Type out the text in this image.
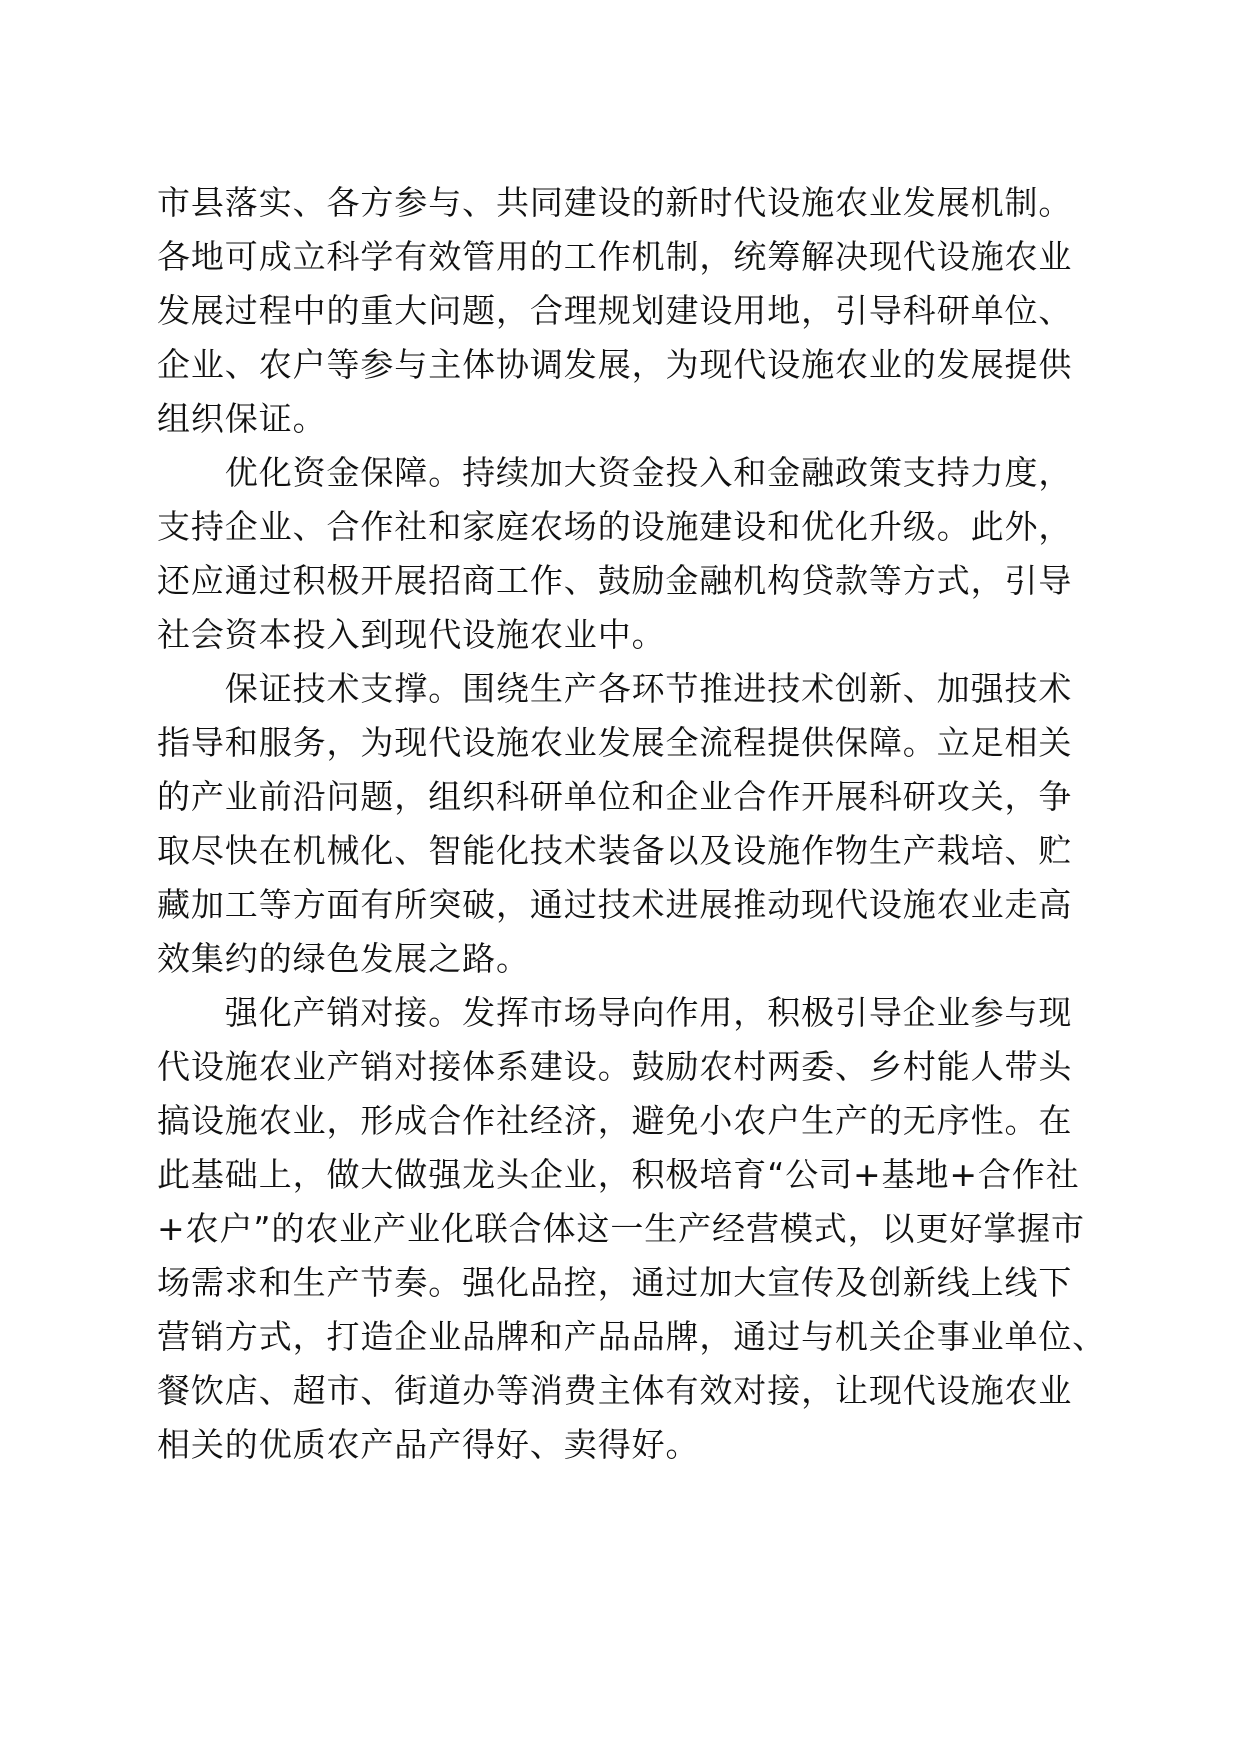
市县落实、各方参与、共同建设的新时代设施农业发展机制。
各地可成立科学有效管用的工作机制，统筹解决现代设施农业
发展过程中的重大问题，合理规划建设用地，引导科研单位、
企业、农户等参与主体协调发展，为现代设施农业的发展提供
组织保证。
　　优化资金保障。持续加大资金投入和金融政策支持力度，
支持企业、合作社和家庭农场的设施建设和优化升级。此外，
还应通过积极开展招商工作、鼓励金融机构贷款等方式，引导
社会资本投入到现代设施农业中。
　　保证技术支撑。围绕生产各环节推进技术创新、加强技术
指导和服务，为现代设施农业发展全流程提供保障。立足相关
的产业前沿问题，组织科研单位和企业合作开展科研攻关，争
取尽快在机械化、智能化技术装备以及设施作物生产栽培、贮
藏加工等方面有所突破，通过技术进展推动现代设施农业走高
效集约的绿色发展之路。
　　强化产销对接。发挥市场导向作用，积极引导企业参与现
代设施农业产销对接体系建设。鼓励农村两委、乡村能人带头
搞设施农业，形成合作社经济，避免小农户生产的无序性。在
此基础上，做大做强龙头企业，积极培育“公司+基地+合作社
+农户”的农业产业化联合体这一生产经营模式，以更好掌握市
场需求和生产节奏。强化品控，通过加大宣传及创新线上线下
营销方式，打造企业品牌和产品品牌，通过与机关企事业单位、
餐饮店、超市、街道办等消费主体有效对接，让现代设施农业
相关的优质农产品产得好、卖得好。
